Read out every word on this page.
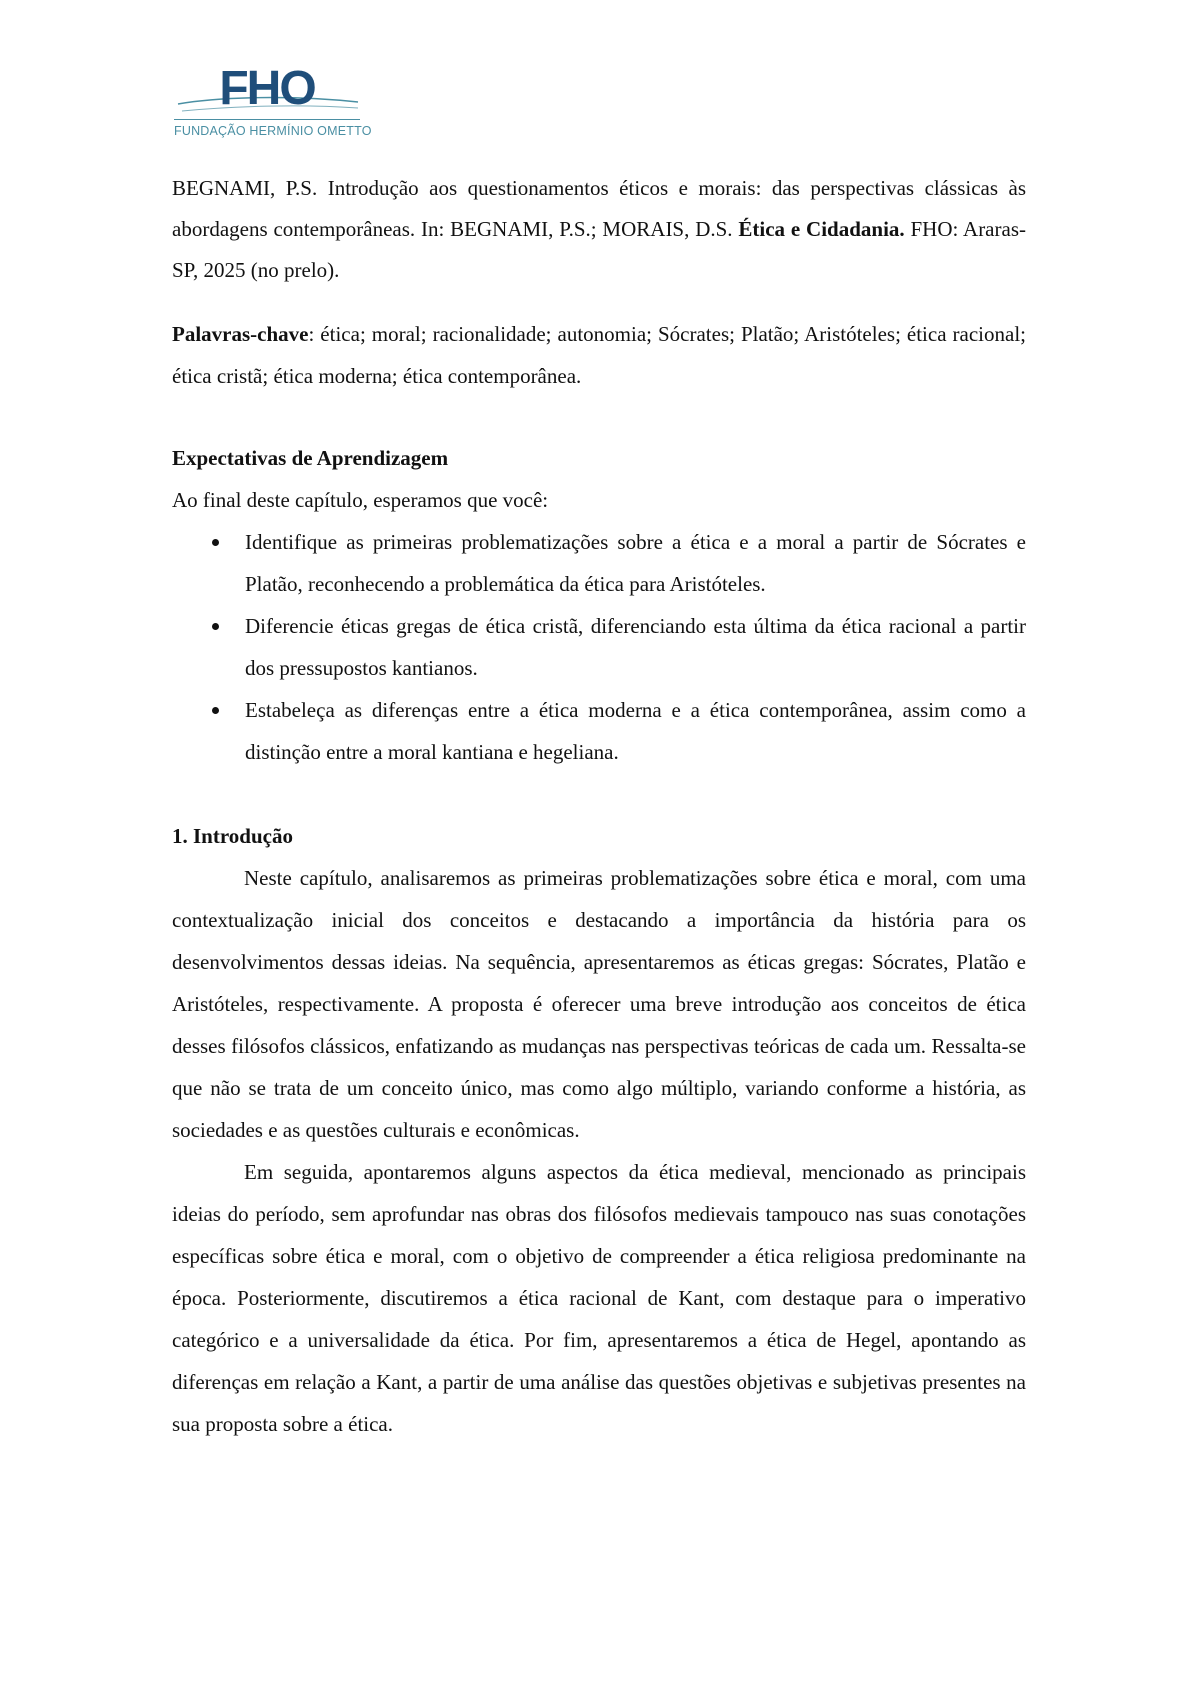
FHO
FUNDAÇÃO HERMÍNIO OMETTO

BEGNAMI, P.S. Introdução aos questionamentos éticos e morais: das perspectivas clássicas às abordagens contemporâneas. In: BEGNAMI, P.S.; MORAIS, D.S. Ética e Cidadania. FHO: Araras-SP, 2025 (no prelo).

Palavras-chave: ética; moral; racionalidade; autonomia; Sócrates; Platão; Aristóteles; ética racional; ética cristã; ética moderna; ética contemporânea.

Expectativas de Aprendizagem

Ao final deste capítulo, esperamos que você:

Identifique as primeiras problematizações sobre a ética e a moral a partir de Sócrates e Platão, reconhecendo a problemática da ética para Aristóteles.
Diferencie éticas gregas de ética cristã, diferenciando esta última da ética racional a partir dos pressupostos kantianos.
Estabeleça as diferenças entre a ética moderna e a ética contemporânea, assim como a distinção entre a moral kantiana e hegeliana.

1. Introdução

Neste capítulo, analisaremos as primeiras problematizações sobre ética e moral, com uma contextualização inicial dos conceitos e destacando a importância da história para os desenvolvimentos dessas ideias. Na sequência, apresentaremos as éticas gregas: Sócrates, Platão e Aristóteles, respectivamente. A proposta é oferecer uma breve introdução aos conceitos de ética desses filósofos clássicos, enfatizando as mudanças nas perspectivas teóricas de cada um. Ressalta-se que não se trata de um conceito único, mas como algo múltiplo, variando conforme a história, as sociedades e as questões culturais e econômicas.

Em seguida, apontaremos alguns aspectos da ética medieval, mencionado as principais ideias do período, sem aprofundar nas obras dos filósofos medievais tampouco nas suas conotações específicas sobre ética e moral, com o objetivo de compreender a ética religiosa predominante na época. Posteriormente, discutiremos a ética racional de Kant, com destaque para o imperativo categórico e a universalidade da ética. Por fim, apresentaremos a ética de Hegel, apontando as diferenças em relação a Kant, a partir de uma análise das questões objetivas e subjetivas presentes na sua proposta sobre a ética.
